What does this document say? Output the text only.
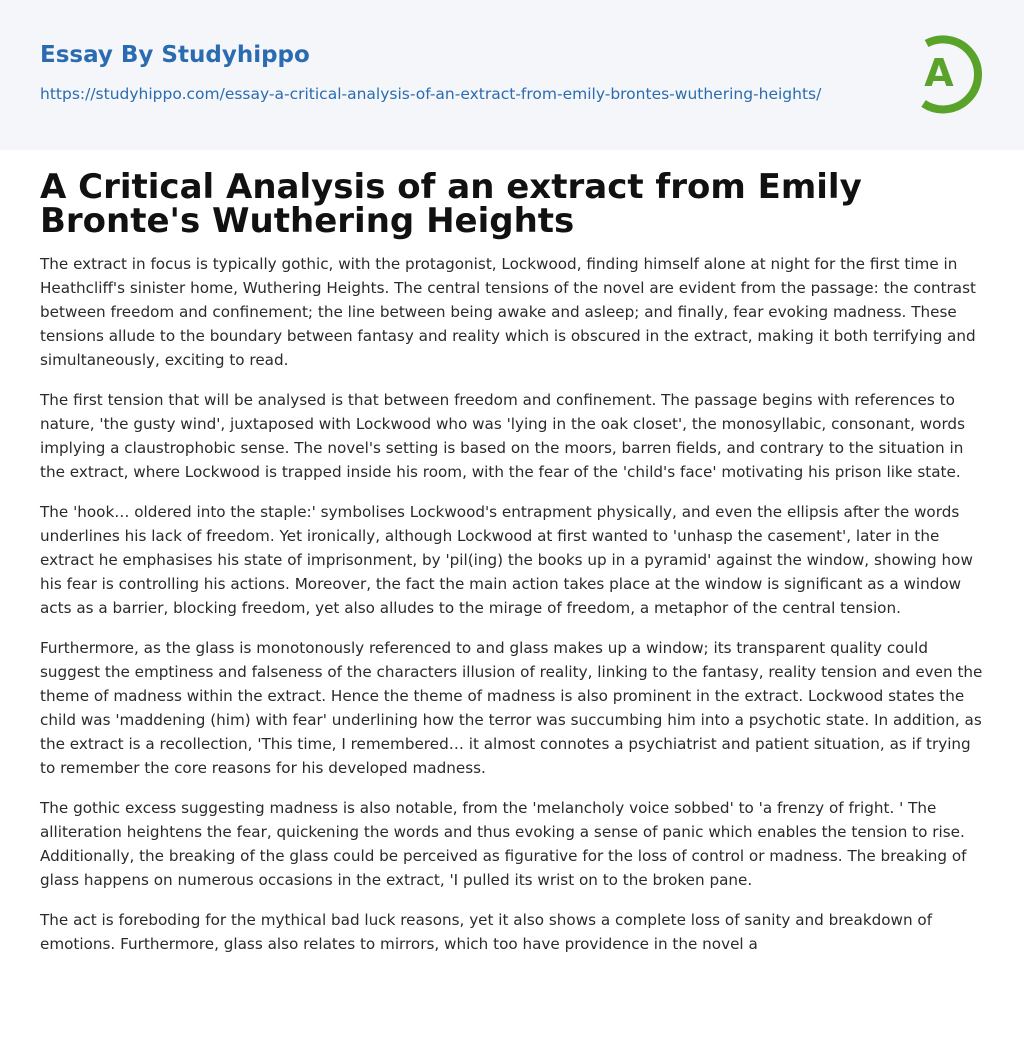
Essay By Studyhippo
https://studyhippo.com/essay-a-critical-analysis-of-an-extract-from-emily-brontes-wuthering-heights/	A
A Critical Analysis of an extract from Emily Bronte's Wuthering Heights

The extract in focus is typically gothic, with the protagonist, Lockwood, finding himself alone at night for the first time in Heathcliff's sinister home, Wuthering Heights. The central tensions of the novel are evident from the passage: the contrast between freedom and confinement; the line between being awake and asleep; and finally, fear evoking madness. These tensions allude to the boundary between fantasy and reality which is obscured in the extract, making it both terrifying and simultaneously, exciting to read.

The first tension that will be analysed is that between freedom and confinement. The passage begins with references to nature, 'the gusty wind', juxtaposed with Lockwood who was 'lying in the oak closet', the monosyllabic, consonant, words implying a claustrophobic sense. The novel's setting is based on the moors, barren fields, and contrary to the situation in the extract, where Lockwood is trapped inside his room, with the fear of the 'child's face' motivating his prison like state.

The 'hook… oldered into the staple:' symbolises Lockwood's entrapment physically, and even the ellipsis after the words underlines his lack of freedom. Yet ironically, although Lockwood at first wanted to 'unhasp the casement', later in the extract he emphasises his state of imprisonment, by 'pil(ing) the books up in a pyramid' against the window, showing how his fear is controlling his actions. Moreover, the fact the main action takes place at the window is significant as a window acts as a barrier, blocking freedom, yet also alludes to the mirage of freedom, a metaphor of the central tension.

Furthermore, as the glass is monotonously referenced to and glass makes up a window; its transparent quality could suggest the emptiness and falseness of the characters illusion of reality, linking to the fantasy, reality tension and even the theme of madness within the extract. Hence the theme of madness is also prominent in the extract. Lockwood states the child was 'maddening (him) with fear' underlining how the terror was succumbing him into a psychotic state. In addition, as the extract is a recollection, 'This time, I remembered… it almost connotes a psychiatrist and patient situation, as if trying to remember the core reasons for his developed madness.

The gothic excess suggesting madness is also notable, from the 'melancholy voice sobbed' to 'a frenzy of fright. ' The alliteration heightens the fear, quickening the words and thus evoking a sense of panic which enables the tension to rise. Additionally, the breaking of the glass could be perceived as figurative for the loss of control or madness. The breaking of glass happens on numerous occasions in the extract, 'I pulled its wrist on to the broken pane.

The act is foreboding for the mythical bad luck reasons, yet it also shows a complete loss of sanity and breakdown of emotions. Furthermore, glass also relates to mirrors, which too have providence in the novel a
